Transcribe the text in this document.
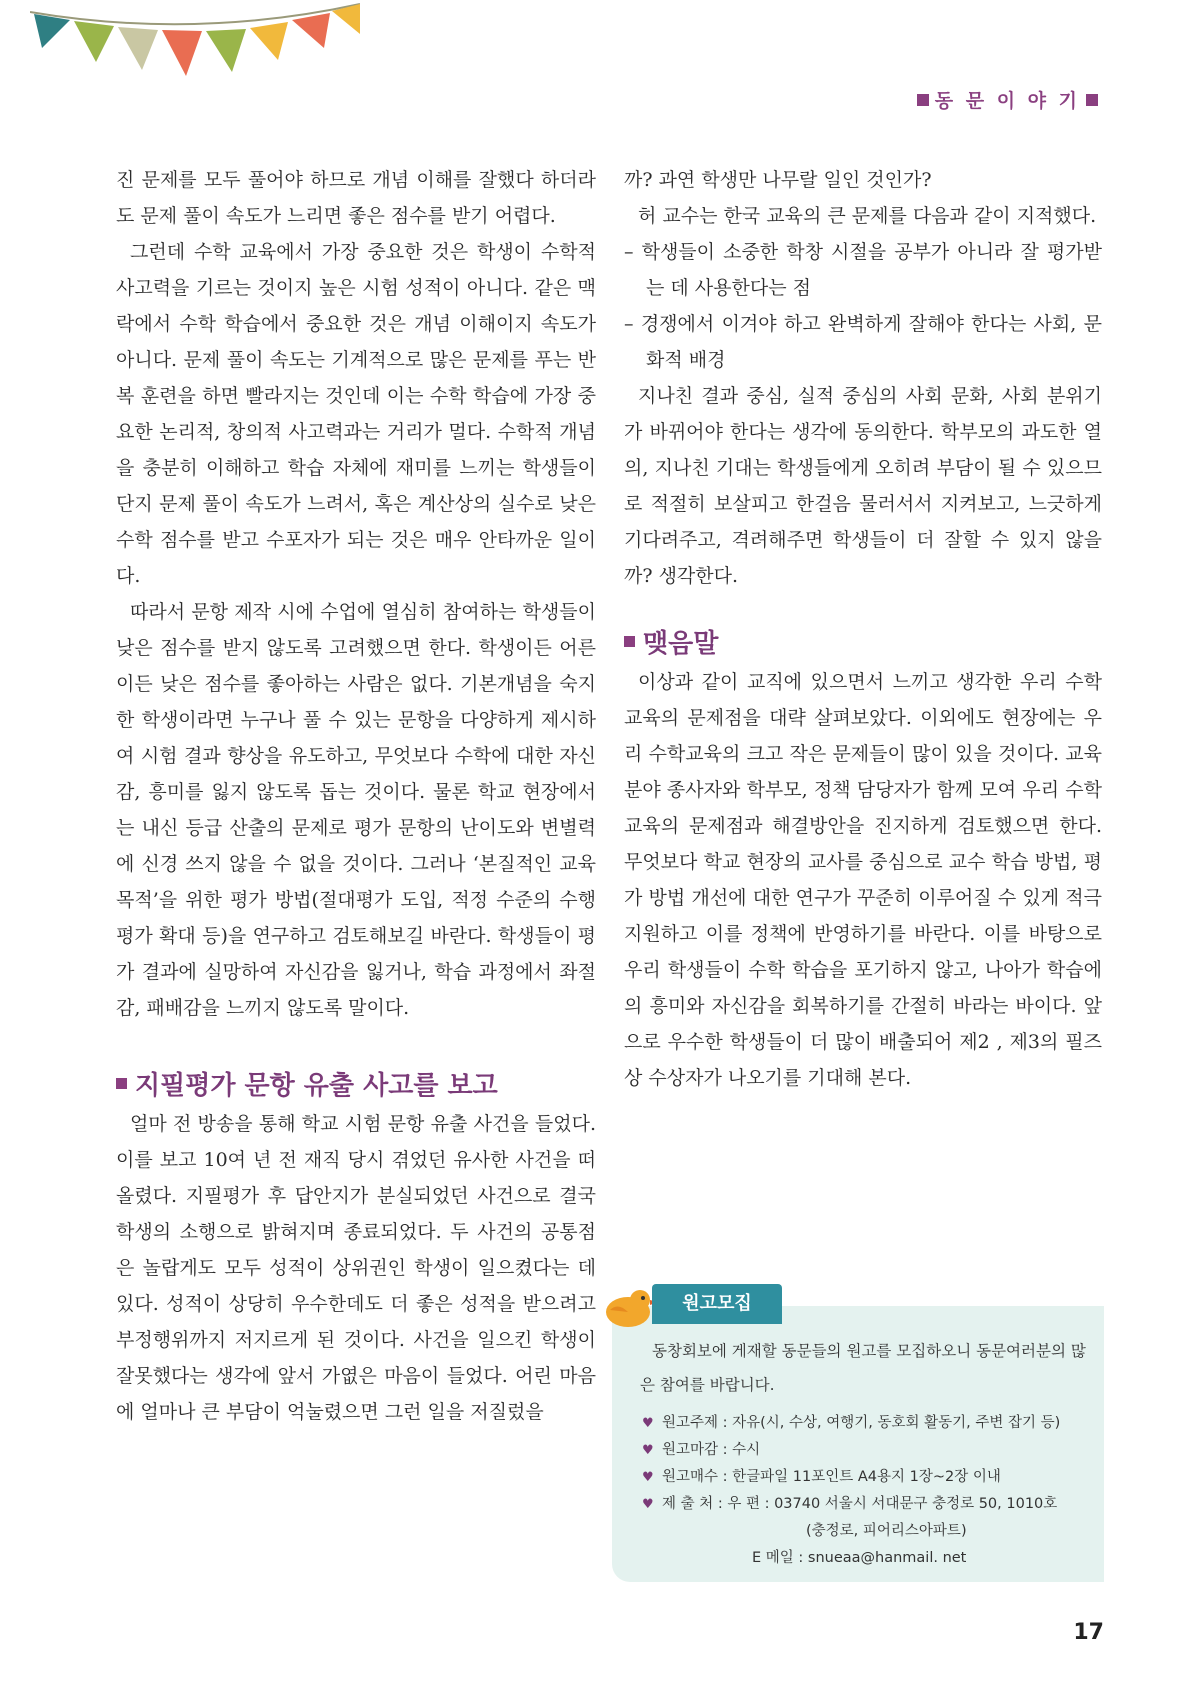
동 문 이 야 기

진 문제를 모두 풀어야 하므로 개념 이해를 잘했다 하더라도 문제 풀이 속도가 느리면 좋은 점수를 받기 어렵다.

그런데 수학 교육에서 가장 중요한 것은 학생이 수학적 사고력을 기르는 것이지 높은 시험 성적이 아니다. 같은 맥락에서 수학 학습에서 중요한 것은 개념 이해이지 속도가 아니다. 문제 풀이 속도는 기계적으로 많은 문제를 푸는 반복 훈련을 하면 빨라지는 것인데 이는 수학 학습에 가장 중요한 논리적, 창의적 사고력과는 거리가 멀다. 수학적 개념을 충분히 이해하고 학습 자체에 재미를 느끼는 학생들이 단지 문제 풀이 속도가 느려서, 혹은 계산상의 실수로 낮은 수학 점수를 받고 수포자가 되는 것은 매우 안타까운 일이다.

따라서 문항 제작 시에 수업에 열심히 참여하는 학생들이 낮은 점수를 받지 않도록 고려했으면 한다. 학생이든 어른이든 낮은 점수를 좋아하는 사람은 없다. 기본개념을 숙지한 학생이라면 누구나 풀 수 있는 문항을 다양하게 제시하여 시험 결과 향상을 유도하고, 무엇보다 수학에 대한 자신감, 흥미를 잃지 않도록 돕는 것이다. 물론 학교 현장에서는 내신 등급 산출의 문제로 평가 문항의 난이도와 변별력에 신경 쓰지 않을 수 없을 것이다. 그러나 ‘본질적인 교육 목적’을 위한 평가 방법(절대평가 도입, 적정 수준의 수행평가 확대 등)을 연구하고 검토해보길 바란다. 학생들이 평가 결과에 실망하여 자신감을 잃거나, 학습 과정에서 좌절감, 패배감을 느끼지 않도록 말이다.

지필평가 문항 유출 사고를 보고

얼마 전 방송을 통해 학교 시험 문항 유출 사건을 들었다. 이를 보고 10여 년 전 재직 당시 겪었던 유사한 사건을 떠올렸다. 지필평가 후 답안지가 분실되었던 사건으로 결국 학생의 소행으로 밝혀지며 종료되었다. 두 사건의 공통점은 놀랍게도 모두 성적이 상위권인 학생이 일으켰다는 데 있다. 성적이 상당히 우수한데도 더 좋은 성적을 받으려고 부정행위까지 저지르게 된 것이다. 사건을 일으킨 학생이 잘못했다는 생각에 앞서 가엾은 마음이 들었다. 어린 마음에 얼마나 큰 부담이 억눌렸으면 그런 일을 저질렀을

까? 과연 학생만 나무랄 일인 것인가?

허 교수는 한국 교육의 큰 문제를 다음과 같이 지적했다.

– 학생들이 소중한 학창 시절을 공부가 아니라 잘 평가받는 데 사용한다는 점

– 경쟁에서 이겨야 하고 완벽하게 잘해야 한다는 사회, 문화적 배경

지나친 결과 중심, 실적 중심의 사회 문화, 사회 분위기가 바뀌어야 한다는 생각에 동의한다. 학부모의 과도한 열의, 지나친 기대는 학생들에게 오히려 부담이 될 수 있으므로 적절히 보살피고 한걸음 물러서서 지켜보고, 느긋하게 기다려주고, 격려해주면 학생들이 더 잘할 수 있지 않을까? 생각한다.

맺음말

이상과 같이 교직에 있으면서 느끼고 생각한 우리 수학교육의 문제점을 대략 살펴보았다. 이외에도 현장에는 우리 수학교육의 크고 작은 문제들이 많이 있을 것이다. 교육 분야 종사자와 학부모, 정책 담당자가 함께 모여 우리 수학교육의 문제점과 해결방안을 진지하게 검토했으면 한다. 무엇보다 학교 현장의 교사를 중심으로 교수 학습 방법, 평가 방법 개선에 대한 연구가 꾸준히 이루어질 수 있게 적극 지원하고 이를 정책에 반영하기를 바란다. 이를 바탕으로 우리 학생들이 수학 학습을 포기하지 않고, 나아가 학습에의 흥미와 자신감을 회복하기를 간절히 바라는 바이다. 앞으로 우수한 학생들이 더 많이 배출되어 제2 , 제3의 필즈상 수상자가 나오기를 기대해 본다.

동창회보에 게재할 동문들의 원고를 모집하오니 동문여러분의 많은 참여를 바랍니다.
♥ 원고주제 : 자유(시, 수상, 여행기, 동호회 활동기, 주변 잡기 등)
♥ 원고마감 : 수시
♥ 원고매수 : 한글파일 11포인트 A4용지 1장~2장 이내
♥ 제 출 처 : 우 편 : 03740 서울시 서대문구 충정로 50, 1010호
(충정로, 피어리스아파트)
E 메일 : snueaa@hanmail. net
원고모집
17
